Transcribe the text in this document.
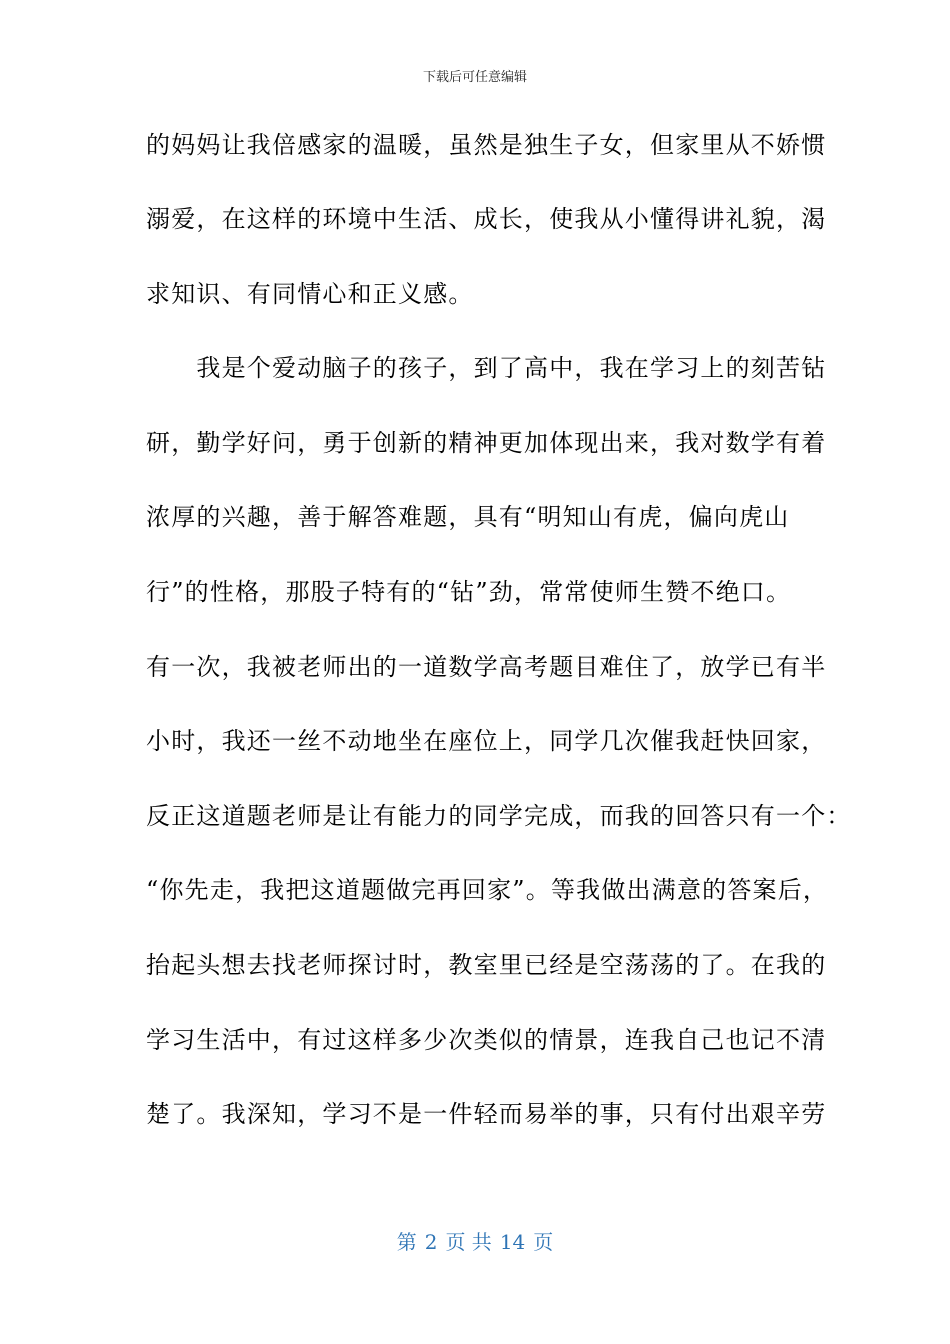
下载后可任意编辑
的妈妈让我倍感家的温暖，虽然是独生子女，但家里从不娇惯
溺爱，在这样的环境中生活、成长，使我从小懂得讲礼貌，渴
求知识、有同情心和正义感。
　　我是个爱动脑子的孩子，到了高中，我在学习上的刻苦钻
研，勤学好问，勇于创新的精神更加体现出来，我对数学有着
浓厚的兴趣，善于解答难题，具有“明知山有虎，偏向虎山
行”的性格，那股子特有的“钻”劲，常常使师生赞不绝口。
有一次，我被老师出的一道数学高考题目难住了，放学已有半
小时，我还一丝不动地坐在座位上，同学几次催我赶快回家，
反正这道题老师是让有能力的同学完成，而我的回答只有一个：
“你先走，我把这道题做完再回家”。等我做出满意的答案后，
抬起头想去找老师探讨时，教室里已经是空荡荡的了。在我的
学习生活中，有过这样多少次类似的情景，连我自己也记不清
楚了。我深知，学习不是一件轻而易举的事，只有付出艰辛劳
第 2 页 共 14 页
